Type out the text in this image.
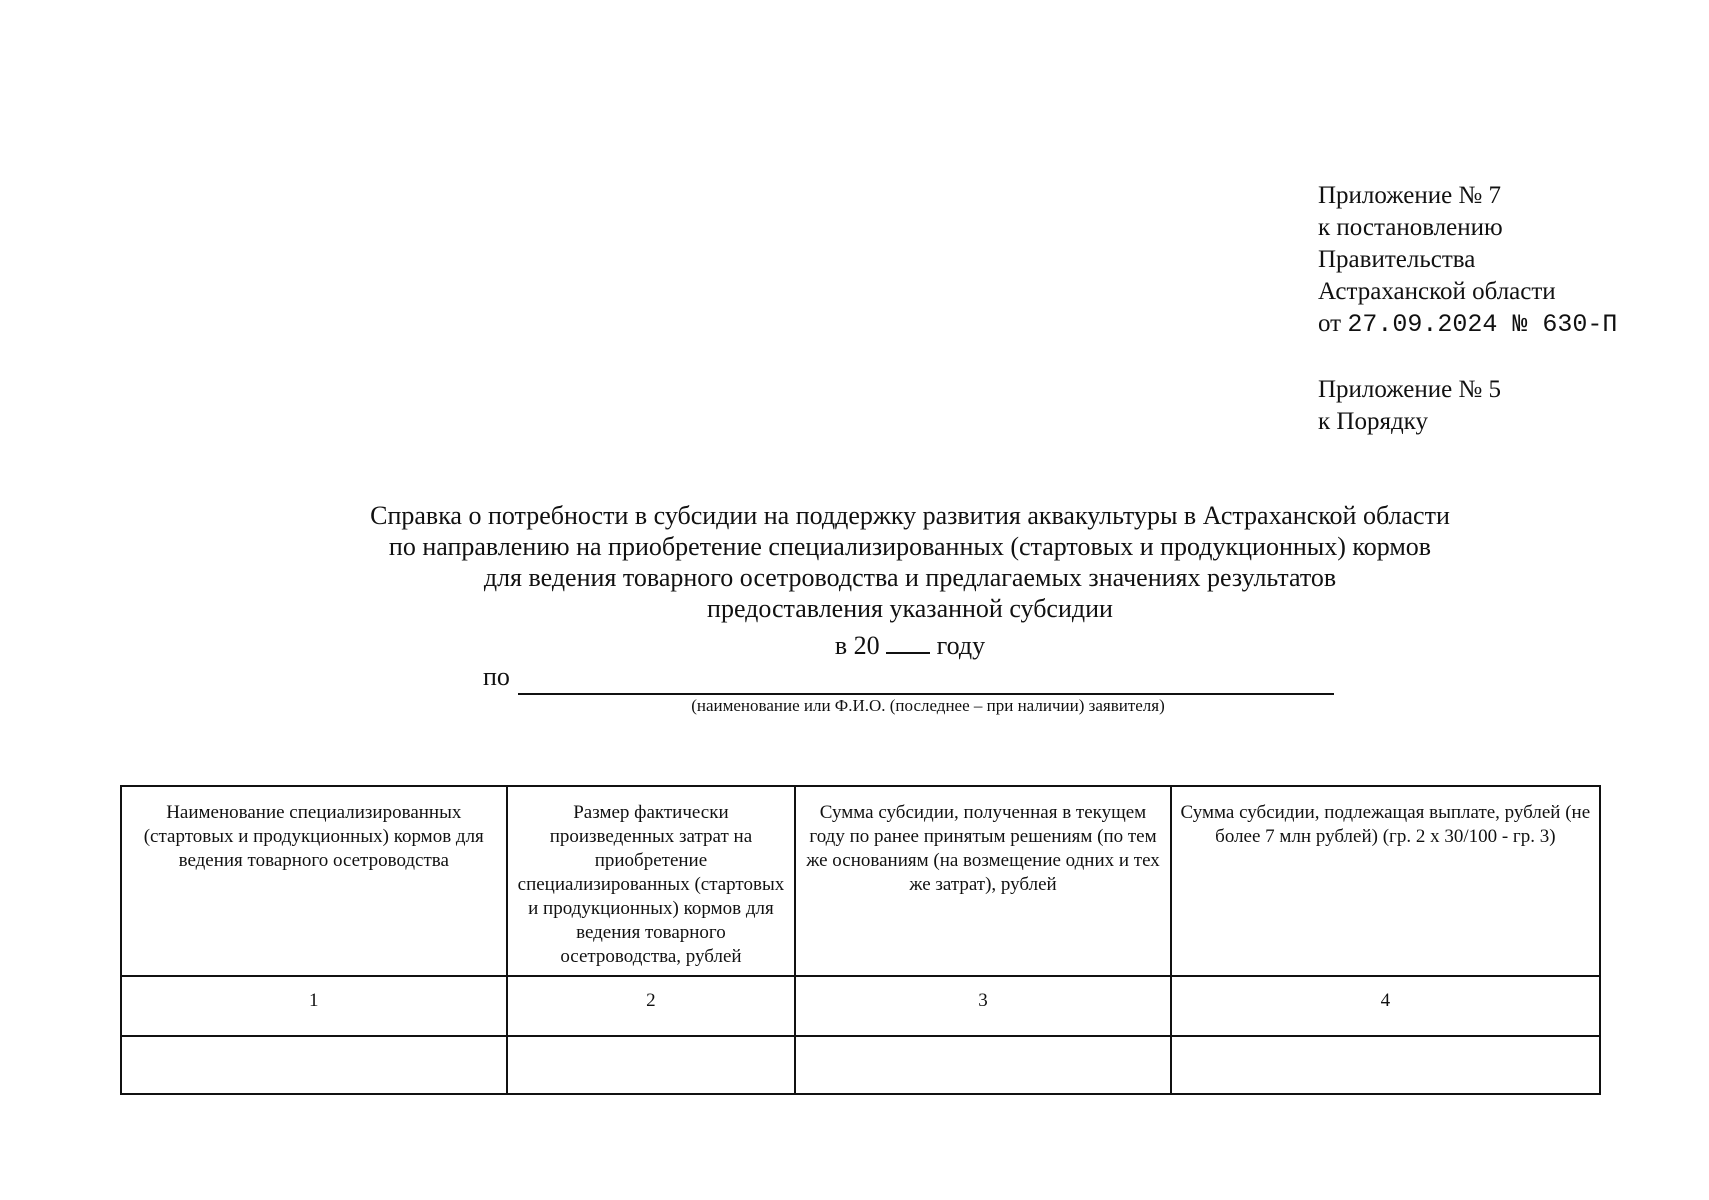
Приложение № 7
к постановлению
Правительства
Астраханской области
от 27.09.2024 № 630-П
Приложение № 5
к Порядку
Справка о потребности в субсидии на поддержку развития аквакультуры в Астраханской области
по направлению на приобретение специализированных (стартовых и продукционных) кормов
для ведения товарного осетроводства и предлагаемых значениях результатов
предоставления указанной субсидии
в 20 году
по
(наименование или Ф.И.О. (последнее – при наличии) заявителя)
Наименование специализированных (стартовых и продукционных) кормов для ведения товарного осетроводства	Размер фактически произведенных затрат на приобретение специализированных (стартовых и продукционных) кормов для ведения товарного осетроводства, рублей	Сумма субсидии, полученная в текущем году по ранее принятым решениям (по тем же основаниям (на возмещение одних и тех же затрат), рублей	Сумма субсидии, подлежащая выплате, рублей (не более 7 млн рублей) (гр. 2 x 30/100 - гр. 3)
1	2	3	4
